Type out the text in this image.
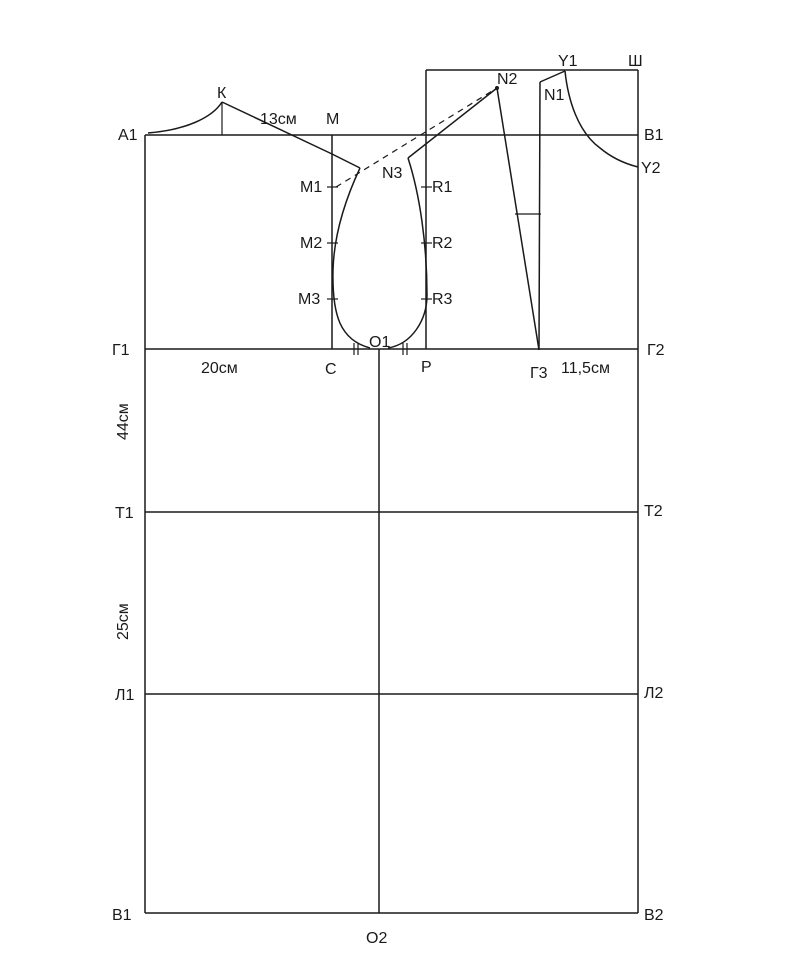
A1
К
М
B1
Y1	Ш
N2
N1
Y2
N3
M1
M2
M3
R1
R2
R3
Г1	Г2
Г3
С	Р
О1
Т1	Т2
Л1	Л2
В1	В2
О2
13см
20см	11,5см
44см
25см
